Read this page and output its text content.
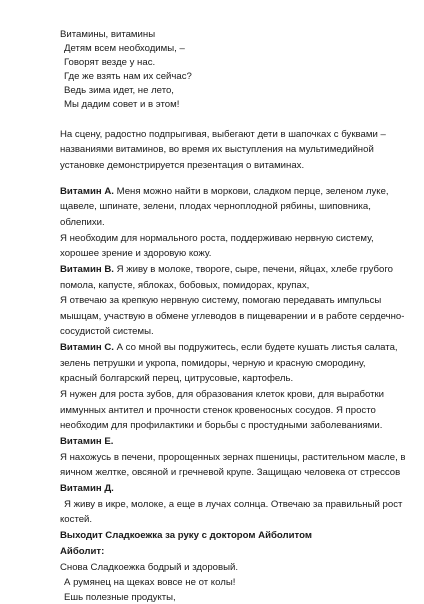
Витамины, витамины

Детям всем необходимы, –

Говорят везде у нас.

Где же взять нам их сейчас?

Ведь зима идет, не лето,

Мы дадим совет и в этом!

На сцену, радостно подпрыгивая, выбегают дети в шапочках с буквами –

названиями витаминов, во время их выступления на мультимедийной

установке демонстрируется презентация о витаминах.

Витамин А. Меня можно найти в моркови, сладком перце, зеленом луке,

щавеле, шпинате, зелени, плодах черноплодной рябины, шиповника,

облепихи.

Я необходим для нормального роста, поддерживаю нервную систему,

хорошее зрение и здоровую кожу.

Витамин В. Я живу в молоке, твороге, сыре, печени, яйцах, хлебе грубого

помола, капусте, яблоках, бобовых, помидорах, крупах,

Я отвечаю за крепкую нервную систему, помогаю передавать импульсы

мышцам, участвую в обмене углеводов в пищеварении и в работе сердечно-

сосудистой системы.

Витамин С. А со мной вы подружитесь, если будете кушать листья салата,

зелень петрушки и укропа, помидоры, черную и красную смородину,

красный болгарский перец, цитрусовые, картофель.

Я нужен для роста зубов, для образования клеток крови, для выработки

иммунных антител и прочности стенок кровеносных сосудов. Я просто

необходим для профилактики и борьбы с простудными заболеваниями.

Витамин Е.

Я нахожусь в печени, пророщенных зернах пшеницы, растительном масле, в

яичном желтке, овсяной и гречневой крупе. Защищаю человека от стрессов

Витамин Д.

Я живу в икре, молоке, а еще в лучах солнца. Отвечаю за правильный рост

костей.

Выходит Сладкоежка за руку с доктором Айболитом

Айболит:

Снова Сладкоежка бодрый и здоровый.

А румянец на щеках вовсе не от колы!

Ешь полезные продукты,
